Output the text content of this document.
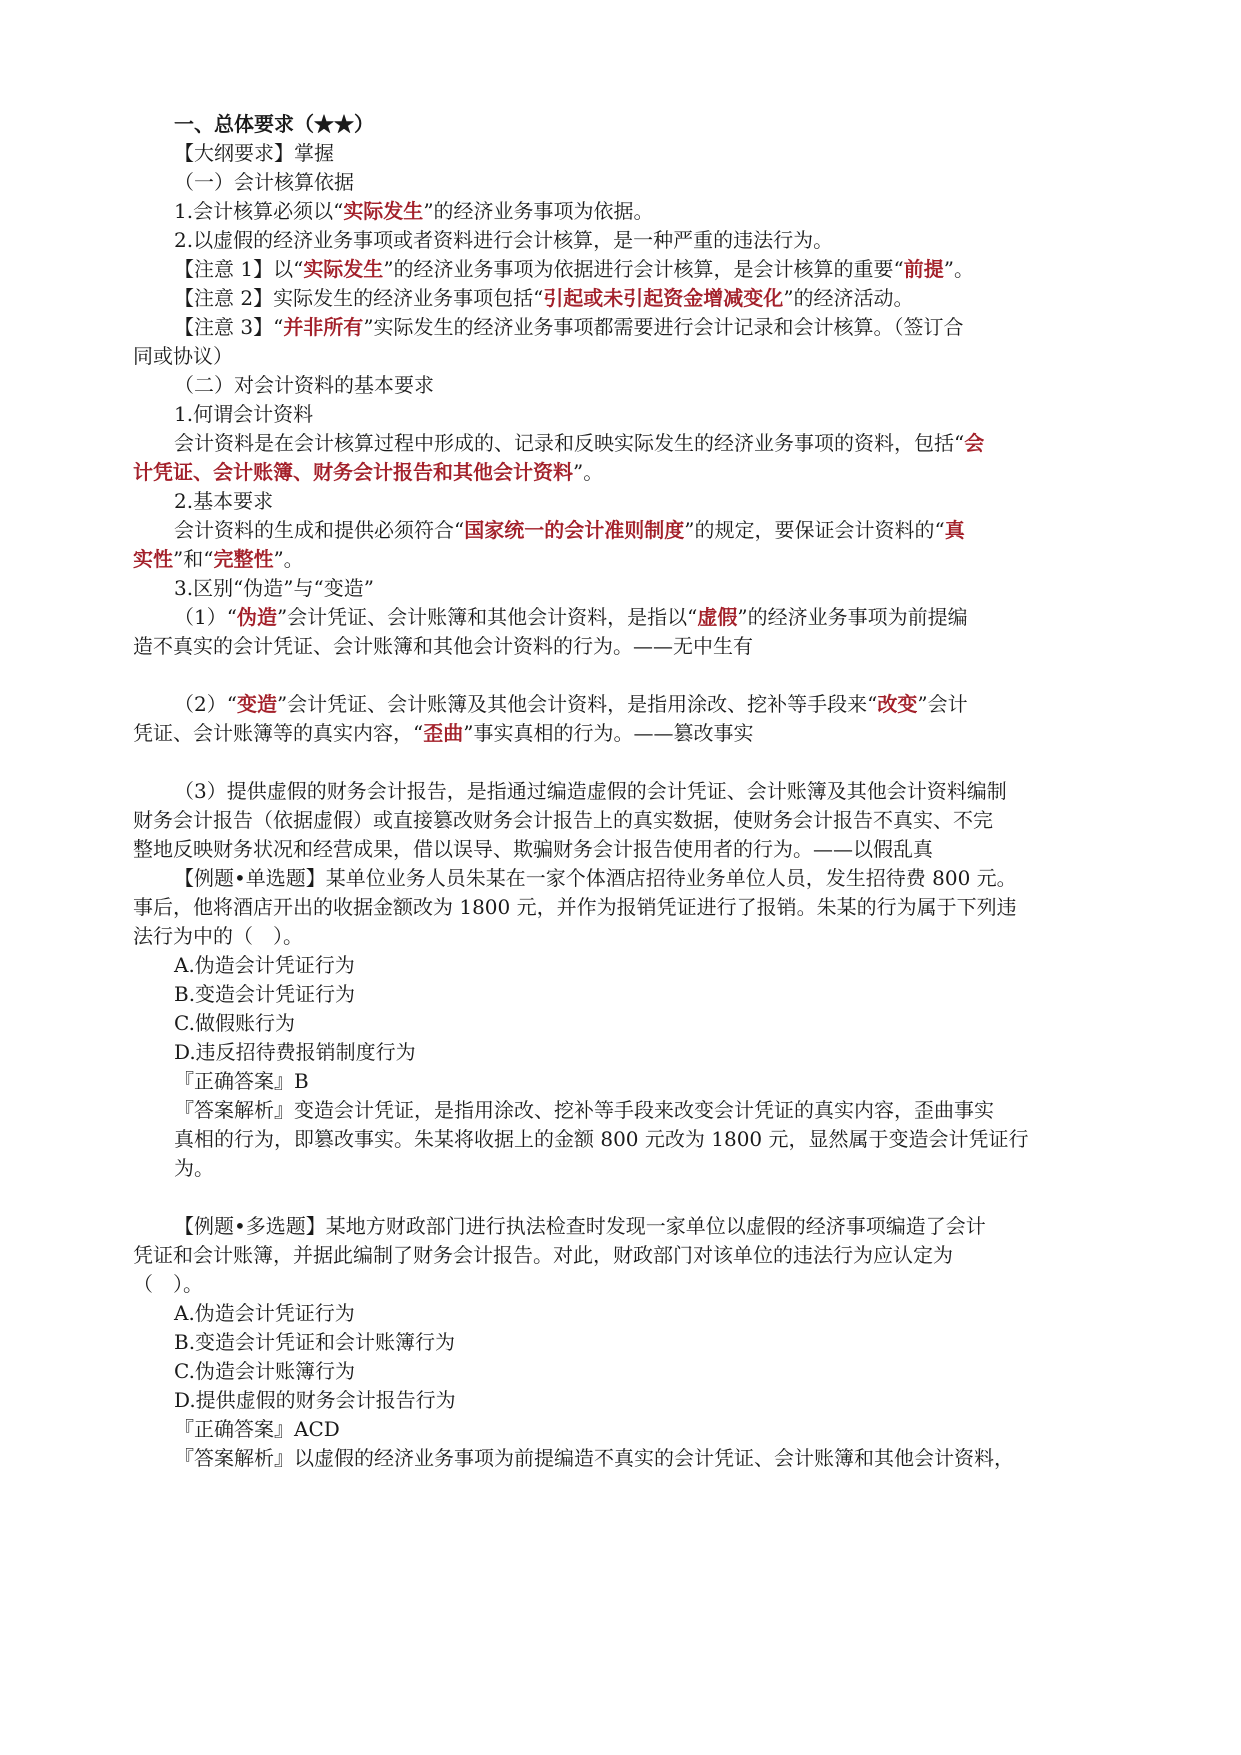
一、总体要求（★★）
【大纲要求】掌握
（一）会计核算依据
1.会计核算必须以“实际发生”的经济业务事项为依据。
2.以虚假的经济业务事项或者资料进行会计核算，是一种严重的违法行为。
【注意 1】以“实际发生”的经济业务事项为依据进行会计核算，是会计核算的重要“前提”。
【注意 2】实际发生的经济业务事项包括“引起或未引起资金增减变化”的经济活动。
【注意 3】“并非所有”实际发生的经济业务事项都需要进行会计记录和会计核算。（签订合
同或协议）
（二）对会计资料的基本要求
1.何谓会计资料
会计资料是在会计核算过程中形成的、记录和反映实际发生的经济业务事项的资料，包括“会
计凭证、会计账簿、财务会计报告和其他会计资料”。
2.基本要求
会计资料的生成和提供必须符合“国家统一的会计准则制度”的规定，要保证会计资料的“真
实性”和“完整性”。
3.区别“伪造”与“变造”
（1）“伪造”会计凭证、会计账簿和其他会计资料，是指以“虚假”的经济业务事项为前提编
造不真实的会计凭证、会计账簿和其他会计资料的行为。——无中生有
（2）“变造”会计凭证、会计账簿及其他会计资料，是指用涂改、挖补等手段来“改变”会计
凭证、会计账簿等的真实内容，“歪曲”事实真相的行为。——篡改事实
（3）提供虚假的财务会计报告，是指通过编造虚假的会计凭证、会计账簿及其他会计资料编制
财务会计报告（依据虚假）或直接篡改财务会计报告上的真实数据，使财务会计报告不真实、不完
整地反映财务状况和经营成果，借以误导、欺骗财务会计报告使用者的行为。——以假乱真
【例题•单选题】某单位业务人员朱某在一家个体酒店招待业务单位人员，发生招待费 800 元。
事后，他将酒店开出的收据金额改为 1800 元，并作为报销凭证进行了报销。朱某的行为属于下列违
法行为中的（　）。
A.伪造会计凭证行为
B.变造会计凭证行为
C.做假账行为
D.违反招待费报销制度行为
『正确答案』B
『答案解析』变造会计凭证，是指用涂改、挖补等手段来改变会计凭证的真实内容，歪曲事实
真相的行为，即篡改事实。朱某将收据上的金额 800 元改为 1800 元，显然属于变造会计凭证行
为。
【例题•多选题】某地方财政部门进行执法检查时发现一家单位以虚假的经济事项编造了会计
凭证和会计账簿，并据此编制了财务会计报告。对此，财政部门对该单位的违法行为应认定为
（　）。
A.伪造会计凭证行为
B.变造会计凭证和会计账簿行为
C.伪造会计账簿行为
D.提供虚假的财务会计报告行为
『正确答案』ACD
『答案解析』以虚假的经济业务事项为前提编造不真实的会计凭证、会计账簿和其他会计资料，
